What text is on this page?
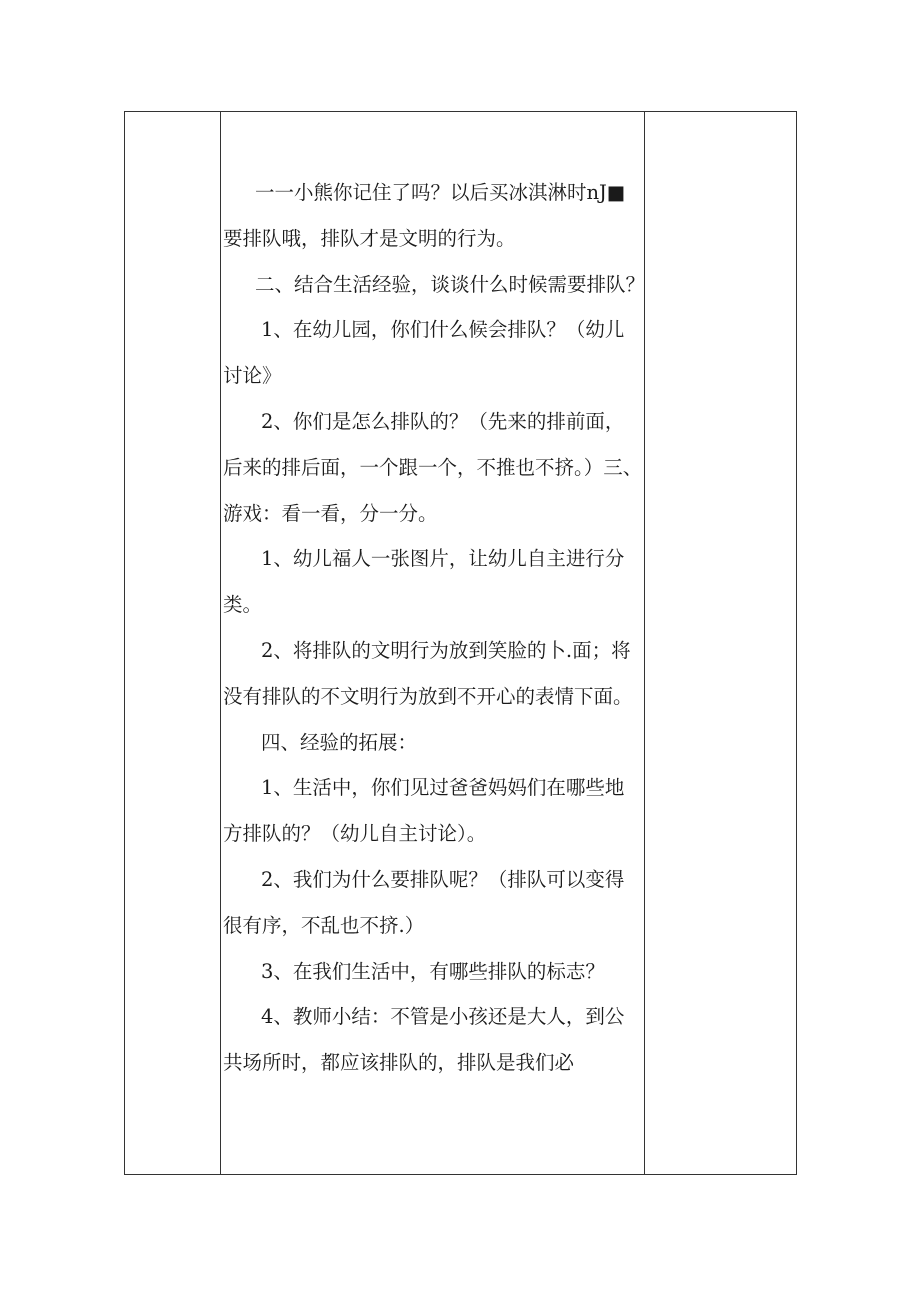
一一小熊你记住了吗？以后买冰淇淋时nJ■
要排队哦，排队才是文明的行为。
二、结合生活经验，谈谈什么时候需要排队？
1、在幼儿园，你们什么候会排队？（幼儿
讨论》
2、你们是怎么排队的？（先来的排前面，
后来的排后面，一个跟一个，不推也不挤。）三、
游戏：看一看，分一分。
1、幼儿福人一张图片，让幼儿自主进行分
类。
2、将排队的文明行为放到笑脸的卜.面；将
没有排队的不文明行为放到不开心的表情下面。
四、经验的拓展：
1、生活中，你们见过爸爸妈妈们在哪些地
方排队的？（幼儿自主讨论）。
2、我们为什么要排队呢？（排队可以变得
很有序，不乱也不挤.）
3、在我们生活中，有哪些排队的标志？
4、教师小结：不管是小孩还是大人，到公
共场所时，都应该排队的，排队是我们必
